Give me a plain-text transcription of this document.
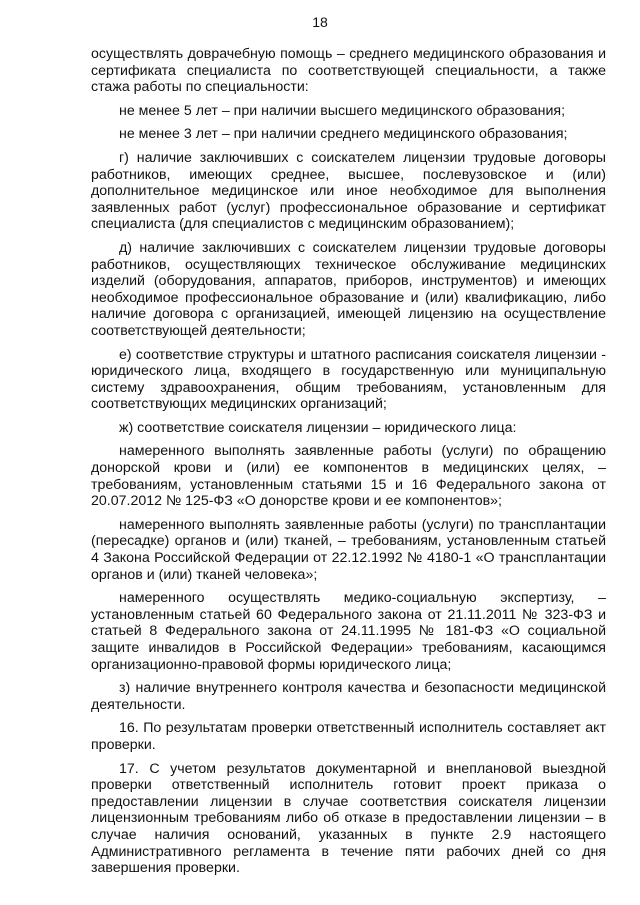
18

осуществлять доврачебную помощь – среднего медицинского образования и сертификата специалиста по соответствующей специальности, а также стажа работы по специальности:

не менее 5 лет – при наличии высшего медицинского образования;

не менее 3 лет – при наличии среднего медицинского образования;

г) наличие заключивших с соискателем лицензии трудовые договоры работников, имеющих среднее, высшее, послевузовское и (или) дополнительное медицинское или иное необходимое для выполнения заявленных работ (услуг) профессиональное образование и сертификат специалиста (для специалистов с медицинским образованием);

д) наличие заключивших с соискателем лицензии трудовые договоры работников, осуществляющих техническое обслуживание медицинских изделий (оборудования, аппаратов, приборов, инструментов) и имеющих необходимое профессиональное образование и (или) квалификацию, либо наличие договора с организацией, имеющей лицензию на осуществление соответствующей деятельности;

е) соответствие структуры и штатного расписания соискателя лицензии - юридического лица, входящего в государственную или муниципальную систему здравоохранения, общим требованиям, установленным для соответствующих медицинских организаций;

ж) соответствие соискателя лицензии – юридического лица:

намеренного выполнять заявленные работы (услуги) по обращению донорской крови и (или) ее компонентов в медицинских целях, – требованиям, установленным статьями 15 и 16 Федерального закона от 20.07.2012 № 125-ФЗ «О донорстве крови и ее компонентов»;

намеренного выполнять заявленные работы (услуги) по трансплантации (пересадке) органов и (или) тканей, – требованиям, установленным статьей 4 Закона Российской Федерации от 22.12.1992 № 4180-1 «О трансплантации органов и (или) тканей человека»;

намеренного осуществлять медико-социальную экспертизу, – установленным статьей 60 Федерального закона от 21.11.2011 № 323-ФЗ и статьей 8 Федерального закона от 24.11.1995 № 181-ФЗ «О социальной защите инвалидов в Российской Федерации» требованиям, касающимся организационно-правовой формы юридического лица;

з) наличие внутреннего контроля качества и безопасности медицинской деятельности.

16. По результатам проверки ответственный исполнитель составляет акт проверки.

17. С учетом результатов документарной и внеплановой выездной проверки ответственный исполнитель готовит проект приказа о предоставлении лицензии в случае соответствия соискателя лицензии лицензионным требованиям либо об отказе в предоставлении лицензии – в случае наличия оснований, указанных в пункте 2.9 настоящего Административного регламента в течение пяти рабочих дней со дня завершения проверки.
